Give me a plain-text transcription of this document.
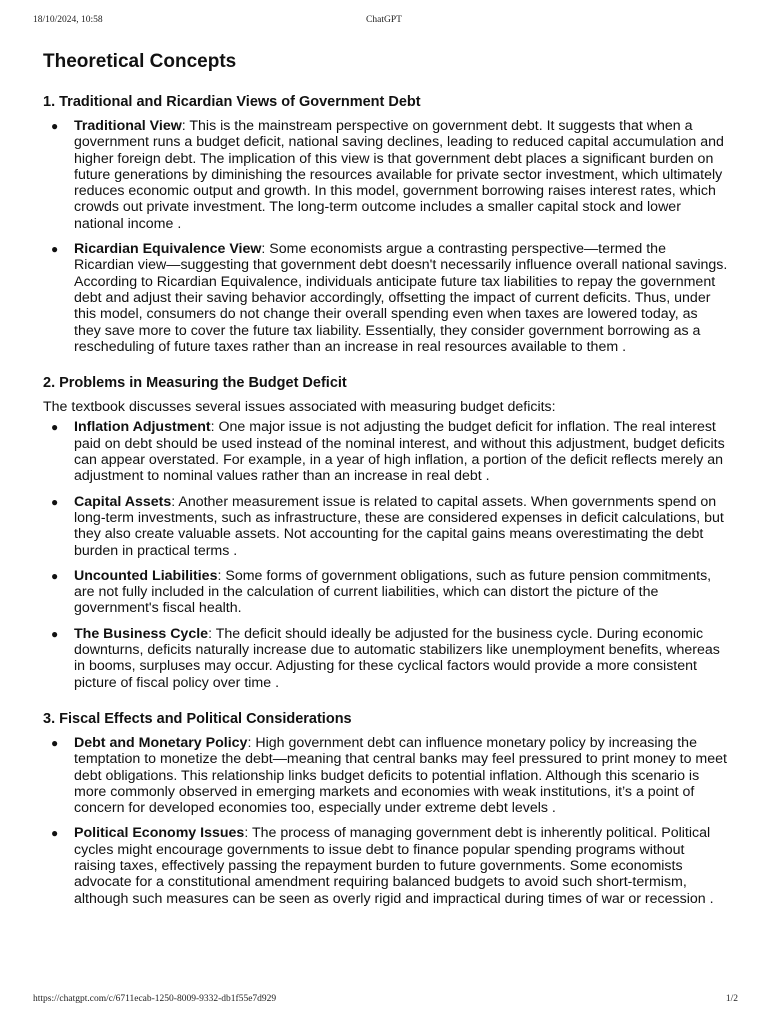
18/10/2024, 10:58	ChatGPT
Theoretical Concepts
1. Traditional and Ricardian Views of Government Debt
● Traditional View: This is the mainstream perspective on government debt. It suggests that when a government runs a budget deficit, national saving declines, leading to reduced capital accumulation and higher foreign debt. The implication of this view is that government debt places a significant burden on future generations by diminishing the resources available for private sector investment, which ultimately reduces economic output and growth. In this model, government borrowing raises interest rates, which crowds out private investment. The long-term outcome includes a smaller capital stock and lower national income .
● Ricardian Equivalence View: Some economists argue a contrasting perspective—termed the Ricardian view—suggesting that government debt doesn't necessarily influence overall national savings. According to Ricardian Equivalence, individuals anticipate future tax liabilities to repay the government debt and adjust their saving behavior accordingly, offsetting the impact of current deficits. Thus, under this model, consumers do not change their overall spending even when taxes are lowered today, as they save more to cover the future tax liability. Essentially, they consider government borrowing as a rescheduling of future taxes rather than an increase in real resources available to them .
2. Problems in Measuring the Budget Deficit

The textbook discusses several issues associated with measuring budget deficits:

● Inflation Adjustment: One major issue is not adjusting the budget deficit for inflation. The real interest paid on debt should be used instead of the nominal interest, and without this adjustment, budget deficits can appear overstated. For example, in a year of high inflation, a portion of the deficit reflects merely an adjustment to nominal values rather than an increase in real debt .
● Capital Assets: Another measurement issue is related to capital assets. When governments spend on long-term investments, such as infrastructure, these are considered expenses in deficit calculations, but they also create valuable assets. Not accounting for the capital gains means overestimating the debt burden in practical terms .
● Uncounted Liabilities: Some forms of government obligations, such as future pension commitments, are not fully included in the calculation of current liabilities, which can distort the picture of the government's fiscal health.
● The Business Cycle: The deficit should ideally be adjusted for the business cycle. During economic downturns, deficits naturally increase due to automatic stabilizers like unemployment benefits, whereas in booms, surpluses may occur. Adjusting for these cyclical factors would provide a more consistent picture of fiscal policy over time .
3. Fiscal Effects and Political Considerations
● Debt and Monetary Policy: High government debt can influence monetary policy by increasing the temptation to monetize the debt—meaning that central banks may feel pressured to print money to meet debt obligations. This relationship links budget deficits to potential inflation. Although this scenario is more commonly observed in emerging markets and economies with weak institutions, it’s a point of concern for developed economies too, especially under extreme debt levels .
● Political Economy Issues: The process of managing government debt is inherently political. Political cycles might encourage governments to issue debt to finance popular spending programs without raising taxes, effectively passing the repayment burden to future governments. Some economists advocate for a constitutional amendment requiring balanced budgets to avoid such short-termism, although such measures can be seen as overly rigid and impractical during times of war or recession .
https://chatgpt.com/c/6711ecab-1250-8009-9332-db1f55e7d929	1/2
